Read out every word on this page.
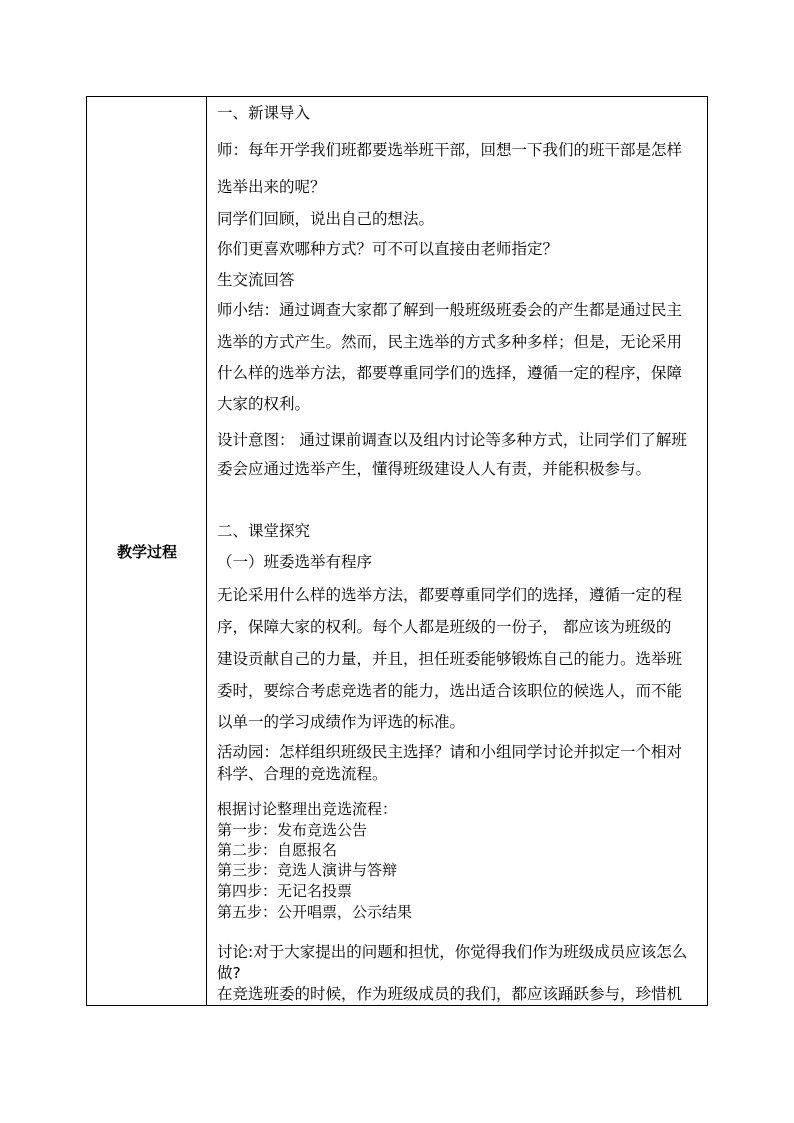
教学过程
一、新课导入
师：每年开学我们班都要选举班干部，回想一下我们的班干部是怎样
选举出来的呢？
同学们回顾，说出自己的想法。
你们更喜欢哪种方式？可不可以直接由老师指定？
生交流回答
师小结：通过调查大家都了解到一般班级班委会的产生都是通过民主
选举的方式产生。然而，民主选举的方式多种多样；但是，无论采用
什么样的选举方法，都要尊重同学们的选择，遵循一定的程序，保障
大家的权利。
设计意图： 通过课前调查以及组内讨论等多种方式，让同学们了解班
委会应通过选举产生，懂得班级建设人人有责，并能积极参与。
二、课堂探究
（一）班委选举有程序
无论采用什么样的选举方法，都要尊重同学们的选择，遵循一定的程
序，保障大家的权利。每个人都是班级的一份子， 都应该为班级的
建设贡献自己的力量，并且，担任班委能够锻炼自己的能力。选举班
委时，要综合考虑竞选者的能力，选出适合该职位的候选人，而不能
以单一的学习成绩作为评选的标准。
活动园：怎样组织班级民主选择？请和小组同学讨论并拟定一个相对
科学、合理的竞选流程。
根据讨论整理出竞选流程：
第一步：发布竞选公告
第二步：自愿报名
第三步：竞选人演讲与答辩
第四步：无记名投票
第五步：公开唱票，公示结果
讨论:对于大家提出的问题和担忧，你觉得我们作为班级成员应该怎么
做?
在竞选班委的时候，作为班级成员的我们，都应该踊跃参与，珍惜机
